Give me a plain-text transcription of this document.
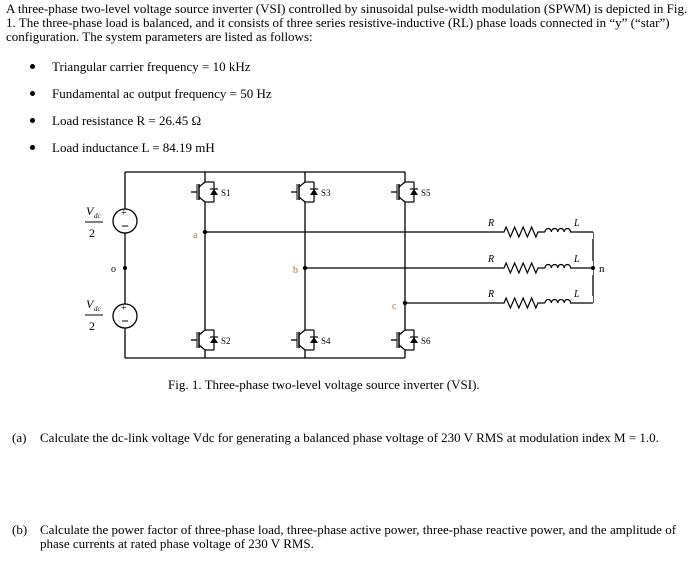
A three-phase two-level voltage source inverter (VSI) controlled by sinusoidal pulse-width modulation (SPWM) is depicted in Fig. 1. The three-phase load is balanced, and it consists of three series resistive-inductive (RL) phase loads connected in “y” (“star”) configuration. The system parameters are listed as follows:

Triangular carrier frequency = 10 kHz
Fundamental ac output frequency = 50 Hz
Load resistance R = 26.45 Ω
Load inductance L = 84.19 mH
+
+
V dc
2
V dc
2
o
a
b
c
S1	S3	S5
S2	S4	S6
R	L
R	L
R	L
n
Fig. 1. Three-phase two-level voltage source inverter (VSI).
(a) Calculate the dc-link voltage Vdc for generating a balanced phase voltage of 230 V RMS at modulation index M = 1.0.
(b) Calculate the power factor of three-phase load, three-phase active power, three-phase reactive power, and the amplitude of phase currents at rated phase voltage of 230 V RMS.
